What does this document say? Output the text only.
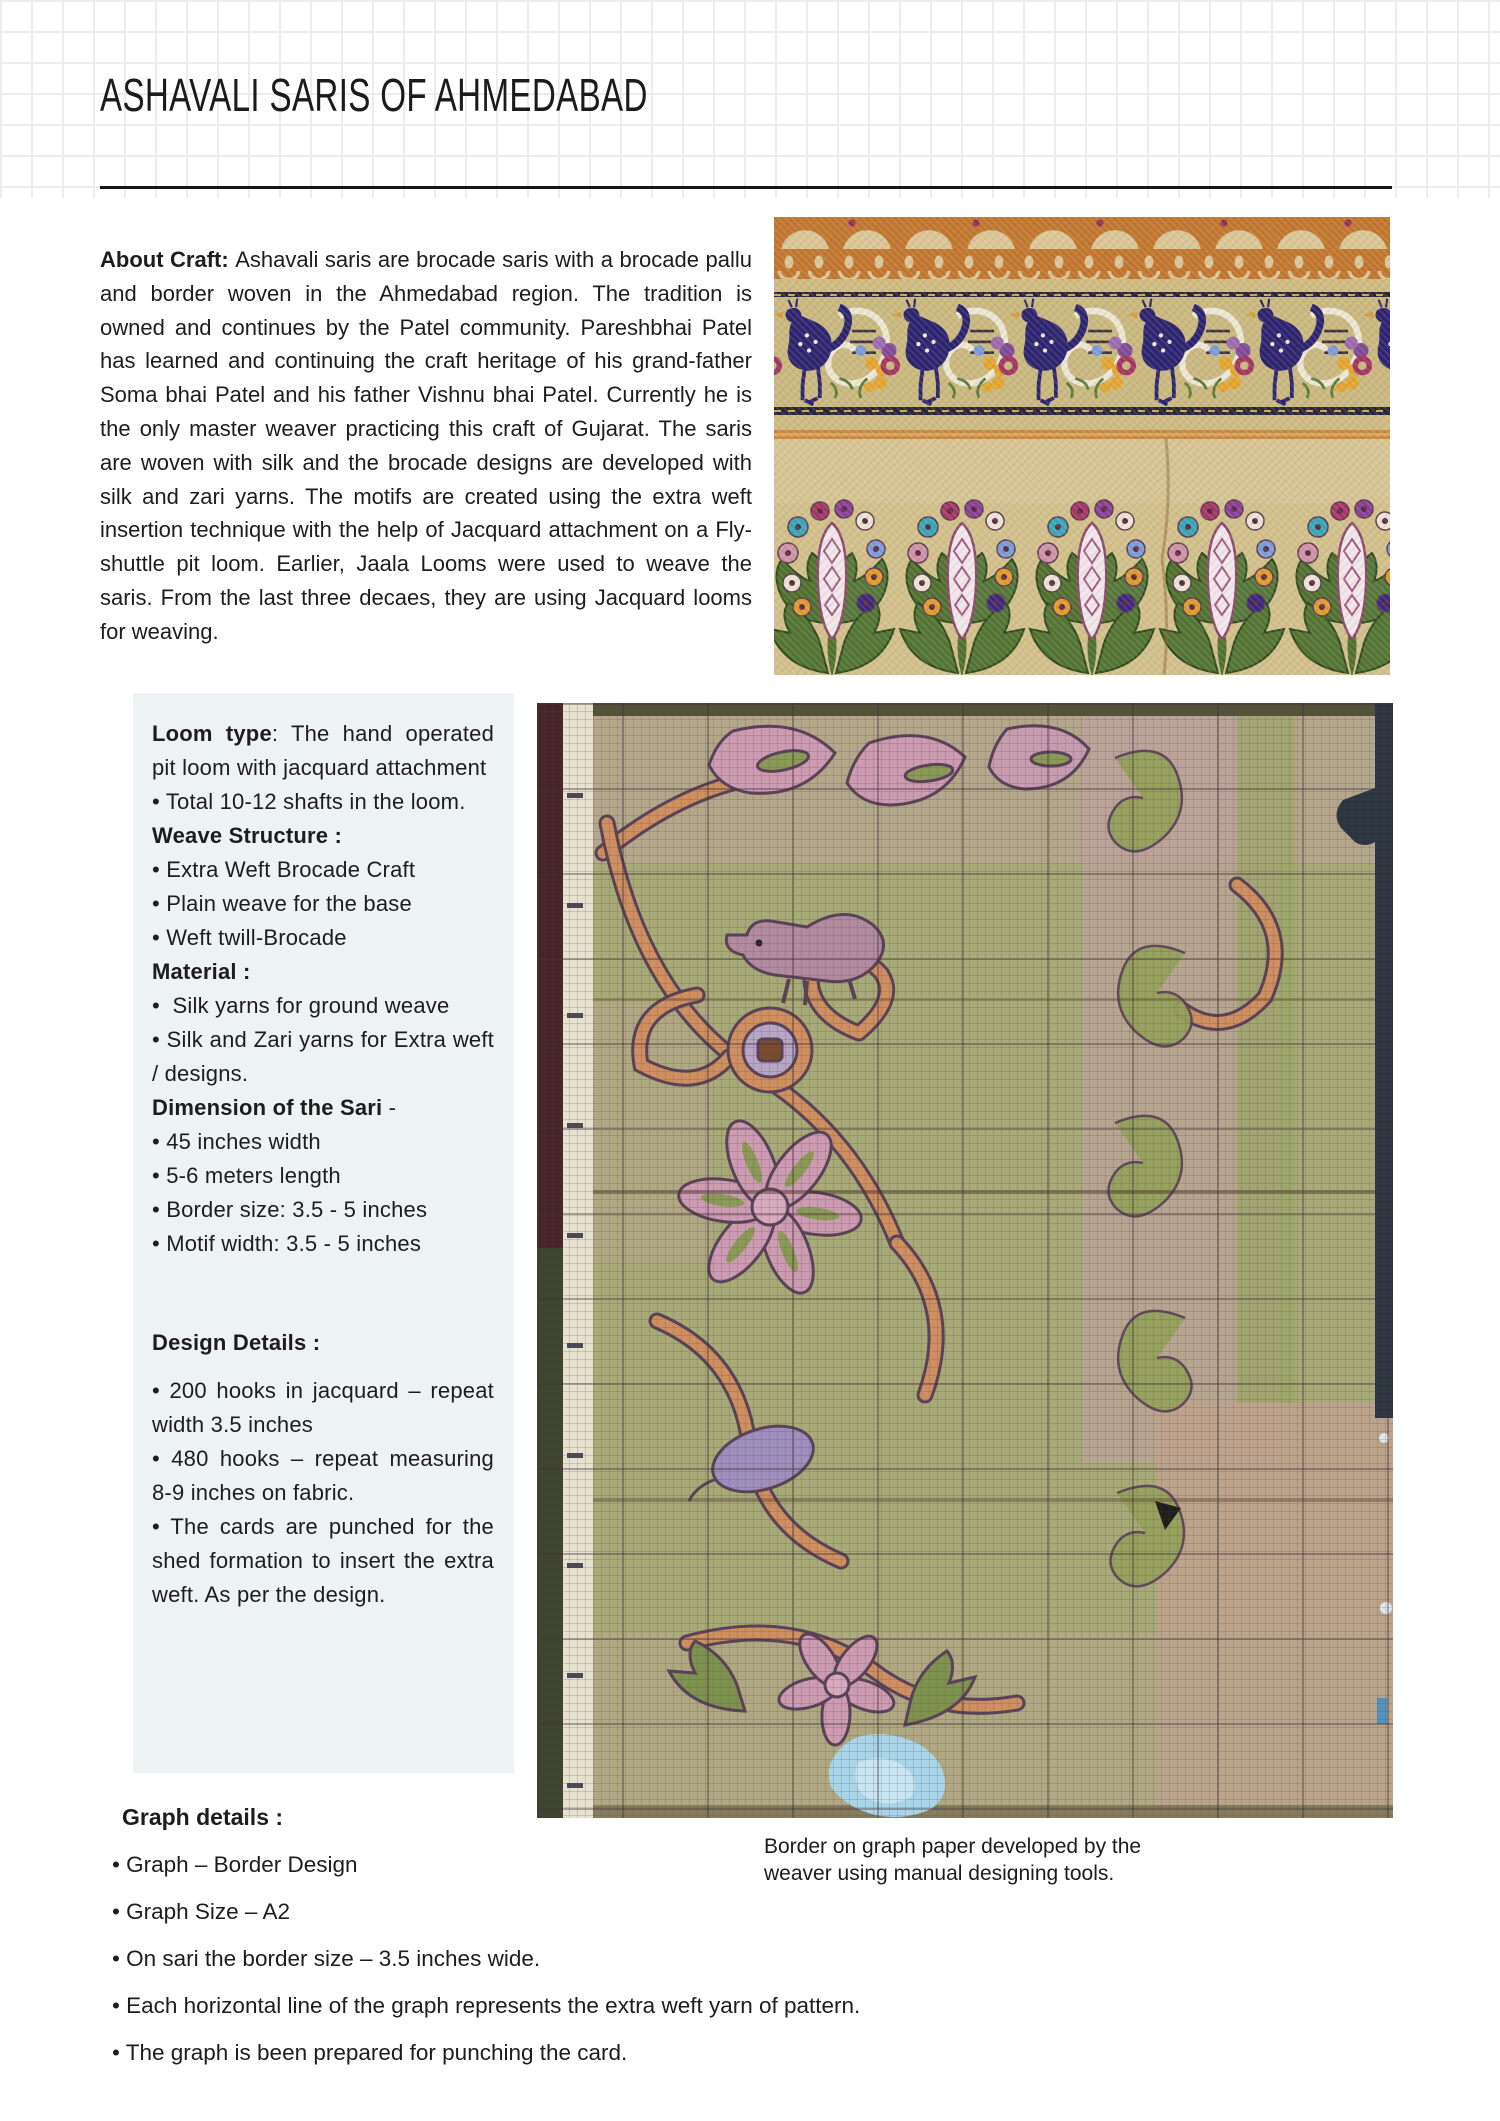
ASHAVALI SARIS OF AHMEDABAD

About Craft: Ashavali saris are brocade saris with a brocade pallu and border woven in the Ahmedabad region. The tradition is owned and continues by the Patel community. Pareshbhai Patel has learned and continuing the craft heritage of his grand-father Soma bhai Patel and his father Vishnu bhai Patel. Currently he is the only master weaver practicing this craft of Gujarat. The saris are woven with silk and the brocade designs are developed with silk and zari yarns. The motifs are created using the extra weft insertion technique with the help of Jacquard attachment on a Fly-shuttle pit loom. Earlier, Jaala Looms were used to weave the saris. From the last three decaes, they are using Jacquard looms for weaving.

Loom type: The hand operated pit loom with jacquard attachment

• Total 10-12 shafts in the loom.

Weave Structure :

• Extra Weft Brocade Craft

• Plain weave for the base

• Weft twill-Brocade

Material :

•  Silk yarns for ground weave

• Silk and Zari yarns for Extra weft / designs.

Dimension of the Sari -

• 45 inches width

• 5-6 meters length

• Border size: 3.5 - 5 inches

• Motif width: 3.5 - 5 inches

Design Details :

• 200 hooks in jacquard – repeat width 3.5 inches

• 480 hooks – repeat measuring 8-9 inches on fabric.

• The cards are punched for the shed formation to insert the extra weft. As per the design.

Border on graph paper developed by the weaver using manual designing tools.

Graph details :

• Graph – Border Design

• Graph Size – A2

• On sari the border size – 3.5 inches wide.

• Each horizontal line of the graph represents the extra weft yarn of pattern.

• The graph is been prepared for punching the card.
